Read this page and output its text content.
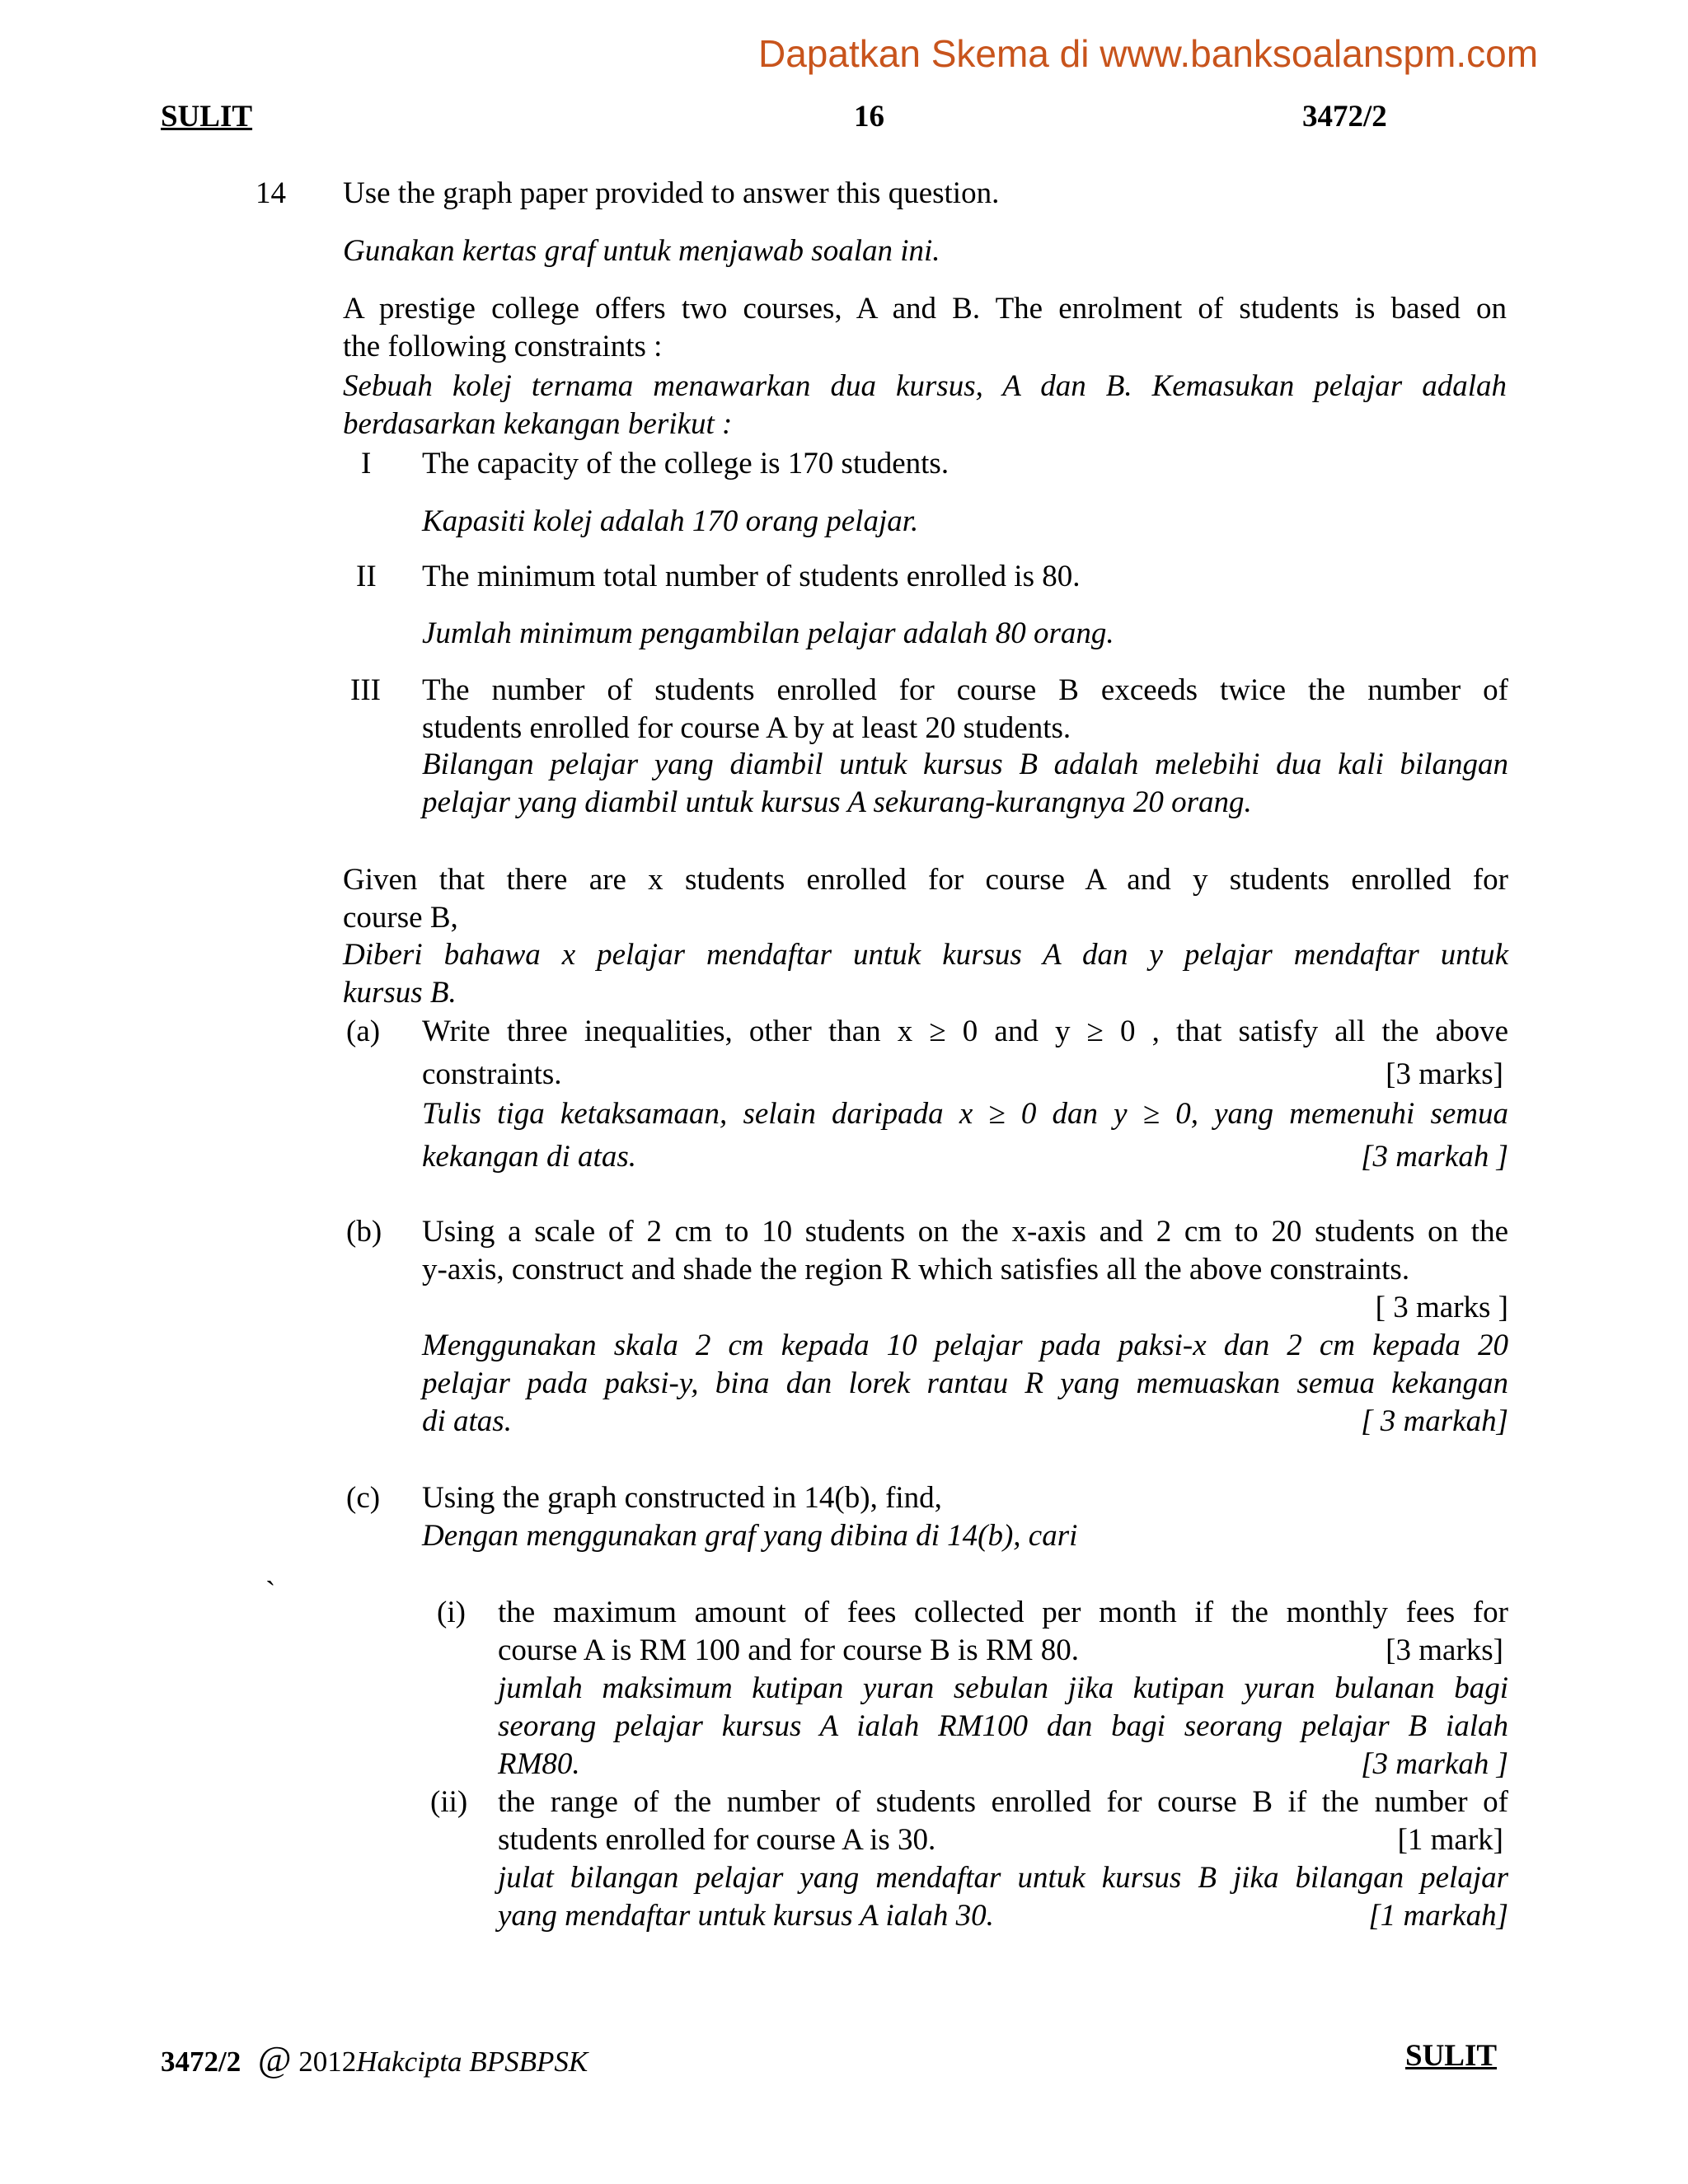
Dapatkan Skema di www.banksoalanspm.com
SULIT	16	3472/2
14 Use the graph paper provided to answer this question.
Gunakan kertas graf untuk menjawab soalan ini.
A prestige college offers two courses, A and B. The enrolment of students is based on
the following constraints :
Sebuah kolej ternama menawarkan dua kursus, A dan B. Kemasukan pelajar adalah
berdasarkan kekangan berikut :
I The capacity of the college is 170 students.
Kapasiti kolej adalah 170 orang pelajar.
II The minimum total number of students enrolled is 80.
Jumlah minimum pengambilan pelajar adalah 80 orang.
III The number of students enrolled for course B exceeds twice the number of
students enrolled for course A by at least 20 students.
Bilangan pelajar yang diambil untuk kursus B adalah melebihi dua kali bilangan
pelajar yang diambil untuk kursus A sekurang-kurangnya 20 orang.
Given that there are x students enrolled for course A and y students enrolled for
course B,
Diberi bahawa x pelajar mendaftar untuk kursus A dan y pelajar mendaftar untuk
kursus B.
(a) Write three inequalities, other than x ≥ 0 and y ≥ 0 , that satisfy all the above
constraints.	[3 marks]
Tulis tiga ketaksamaan, selain daripada x ≥ 0 dan y ≥ 0, yang memenuhi semua
kekangan di atas.	[3 markah ]
(b) Using a scale of 2 cm to 10 students on the x-axis and 2 cm to 20 students on the
y-axis, construct and shade the region R which satisfies all the above constraints.
[ 3 marks ]
Menggunakan skala 2 cm kepada 10 pelajar pada paksi-x dan 2 cm kepada 20
pelajar pada paksi-y, bina dan lorek rantau R yang memuaskan semua kekangan
di atas.	[ 3 markah]
(c) Using the graph constructed in 14(b), find,
Dengan menggunakan graf yang dibina di 14(b), cari
`
(i) the maximum amount of fees collected per month if the monthly fees for
course A is RM 100 and for course B is RM 80.	[3 marks]
jumlah maksimum kutipan yuran sebulan jika kutipan yuran bulanan bagi
seorang pelajar kursus A ialah RM100 dan bagi seorang pelajar B ialah
RM80.	[3 markah ]
(ii) the range of the number of students enrolled for course B if the number of
students enrolled for course A is 30.	[1 mark]
julat bilangan pelajar yang mendaftar untuk kursus B jika bilangan pelajar
yang mendaftar untuk kursus A ialah 30.	[1 markah]
3472/2 @ 2012Hakcipta BPSBPSK	SULIT
